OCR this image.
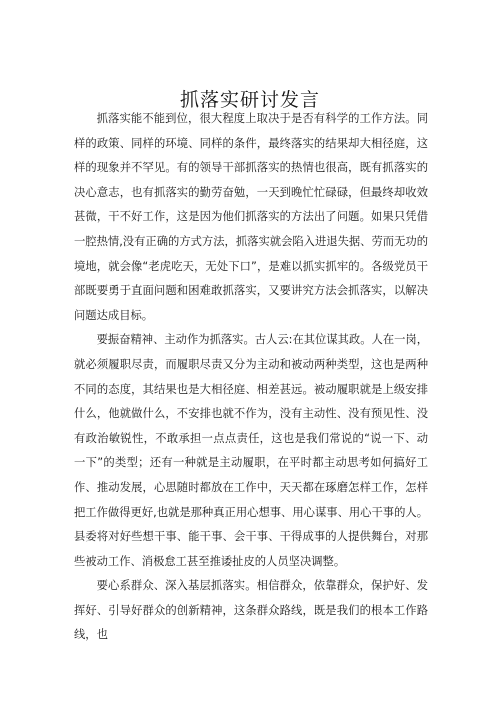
抓落实研讨发言

抓落实能不能到位，很大程度上取决于是否有科学的工作方法。同样的政策、同样的环境、同样的条件，最终落实的结果却大相径庭，这样的现象并不罕见。有的领导干部抓落实的热情也很高，既有抓落实的决心意志，也有抓落实的勤劳奋勉，一天到晚忙忙碌碌，但最终却收效甚微，干不好工作，这是因为他们抓落实的方法出了问题。如果只凭借一腔热情,没有正确的方式方法，抓落实就会陷入进退失据、劳而无功的境地，就会像“老虎吃天，无处下口”，是难以抓实抓牢的。各级党员干部既要勇于直面问题和困难敢抓落实，又要讲究方法会抓落实，以解决问题达成目标。

要振奋精神、主动作为抓落实。古人云:在其位谋其政。人在一岗，就必须履职尽责，而履职尽责又分为主动和被动两种类型，这也是两种不同的态度，其结果也是大相径庭、相差甚远。被动履职就是上级安排什么，他就做什么，不安排也就不作为，没有主动性、没有预见性、没有政治敏锐性，不敢承担一点点责任，这也是我们常说的“说一下、动一下”的类型；还有一种就是主动履职，在平时都主动思考如何搞好工作、推动发展，心思随时都放在工作中，天天都在琢磨怎样工作，怎样把工作做得更好,也就是那种真正用心想事、用心谋事、用心干事的人。县委将对好些想干事、能干事、会干事、干得成事的人提供舞台，对那些被动工作、消极怠工甚至推诿扯皮的人员坚决调整。

要心系群众、深入基层抓落实。相信群众，依靠群众，保护好、发挥好、引导好群众的创新精神，这条群众路线，既是我们的根本工作路线，也
